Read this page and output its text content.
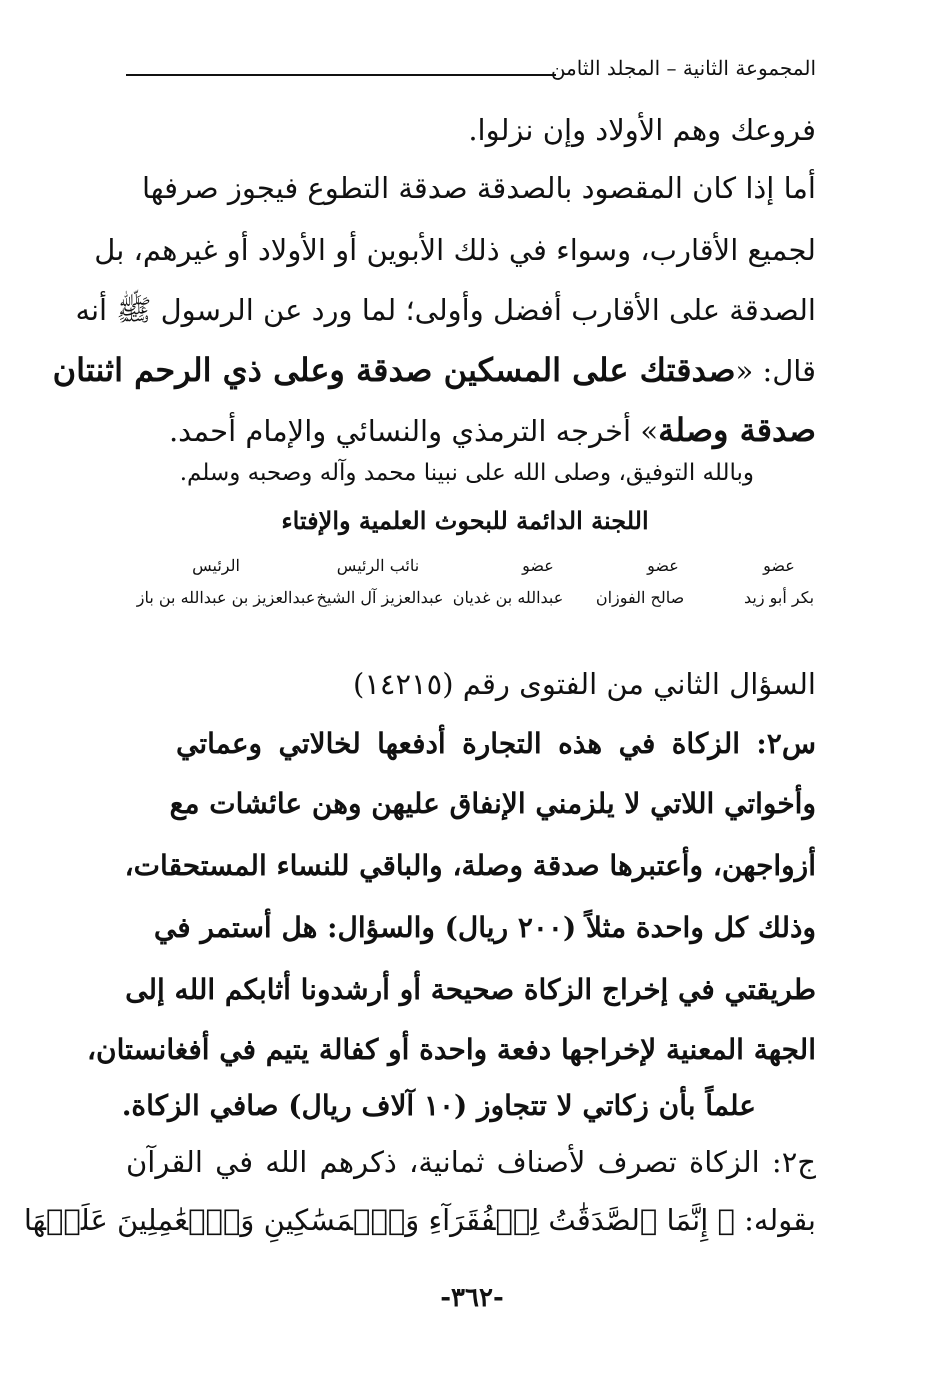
المجموعة الثانية – المجلد الثامن
فروعك وهم الأولاد وإن نزلوا.
أما إذا كان المقصود بالصدقة صدقة التطوع فيجوز صرفها
لجميع الأقارب، وسواء في ذلك الأبوين أو الأولاد أو غيرهم، بل
الصدقة على الأقارب أفضل وأولى؛ لما ورد عن الرسول ﷺ أنه
قال: «صدقتك على المسكين صدقة وعلى ذي الرحم اثنتان
صدقة وصلة» أخرجه الترمذي والنسائي والإمام أحمد.
وبالله التوفيق، وصلى الله على نبينا محمد وآله وصحبه وسلم.
اللجنة الدائمة للبحوث العلمية والإفتاء
عضو
عضو
عضو
نائب الرئيس
الرئيس
بكر أبو زيد
صالح الفوزان
عبدالله بن غديان
عبدالعزيز آل الشيخ
عبدالعزيز بن عبدالله بن باز
السؤال الثاني من الفتوى رقم (١٤٢١٥)
س٢: الزكاة في هذه التجارة أدفعها لخالاتي وعماتي
وأخواتي اللاتي لا يلزمني الإنفاق عليهن وهن عائشات مع
أزواجهن، وأعتبرها صدقة وصلة، والباقي للنساء المستحقات،
وذلك كل واحدة مثلاً (٢٠٠ ريال) والسؤال: هل أستمر في
طريقتي في إخراج الزكاة صحيحة أو أرشدونا أثابكم الله إلى
الجهة المعنية لإخراجها دفعة واحدة أو كفالة يتيم في أفغانستان،
علماً بأن زكاتي لا تتجاوز (١٠ آلاف ريال) صافي الزكاة.
ج٢: الزكاة تصرف لأصناف ثمانية، ذكرهم الله في القرآن
بقوله: ﴿ إِنَّمَا ٱلصَّدَقَٰتُ لِلۡفُقَرَآءِ وَٱلۡمَسَٰكِينِ وَٱلۡعَٰمِلِينَ عَلَيۡهَا
-٣٦٢-
